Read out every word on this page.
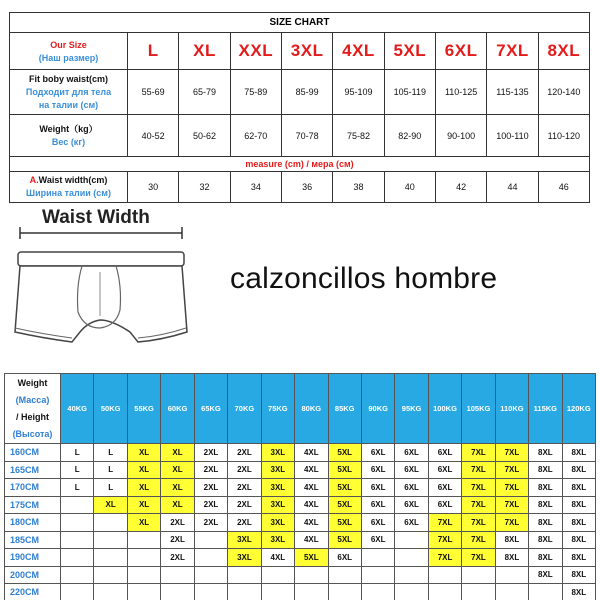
SIZE CHART									

Our Size
(Наш размер)	L	XL	XXL	3XL	4XL	5XL	6XL	7XL	8XL

Fit boby waist(cm)
Подходит для тела
на талии (см)	55-69	65-79	75-89	85-99	95-109	105-119	110-125	115-135	120-140

Weight（kg）
Вес (кг)	40-52	50-62	62-70	70-78	75-82	82-90	90-100	100-110	110-120
measure (cm) / мера (см)									

A.Waist width(cm)
Ширина талии (см)	30	32	34	36	38	40	42	44	46
Waist Width
calzoncillos hombre
Weight
(Масса)
/ Height
(Высота)	40KG	50KG	55KG	60KG	65KG	70KG	75KG	80KG	85KG	90KG	95KG	100KG	105KG	110KG	115KG	120KG
160CM	L	L	XL	XL	2XL	2XL	3XL	4XL	5XL	6XL	6XL	6XL	7XL	7XL	8XL	8XL
165CM	L	L	XL	XL	2XL	2XL	3XL	4XL	5XL	6XL	6XL	6XL	7XL	7XL	8XL	8XL
170CM	L	L	XL	XL	2XL	2XL	3XL	4XL	5XL	6XL	6XL	6XL	7XL	7XL	8XL	8XL
175CM		XL	XL	XL	2XL	2XL	3XL	4XL	5XL	6XL	6XL	6XL	7XL	7XL	8XL	8XL
180CM			XL	2XL	2XL	2XL	3XL	4XL	5XL	6XL	6XL	7XL	7XL	7XL	8XL	8XL
185CM				2XL		3XL	3XL	4XL	5XL	6XL		7XL	7XL	8XL	8XL	8XL
190CM				2XL		3XL	4XL	5XL	6XL			7XL	7XL	8XL	8XL	8XL
200CM															8XL	8XL
220CM																8XL
